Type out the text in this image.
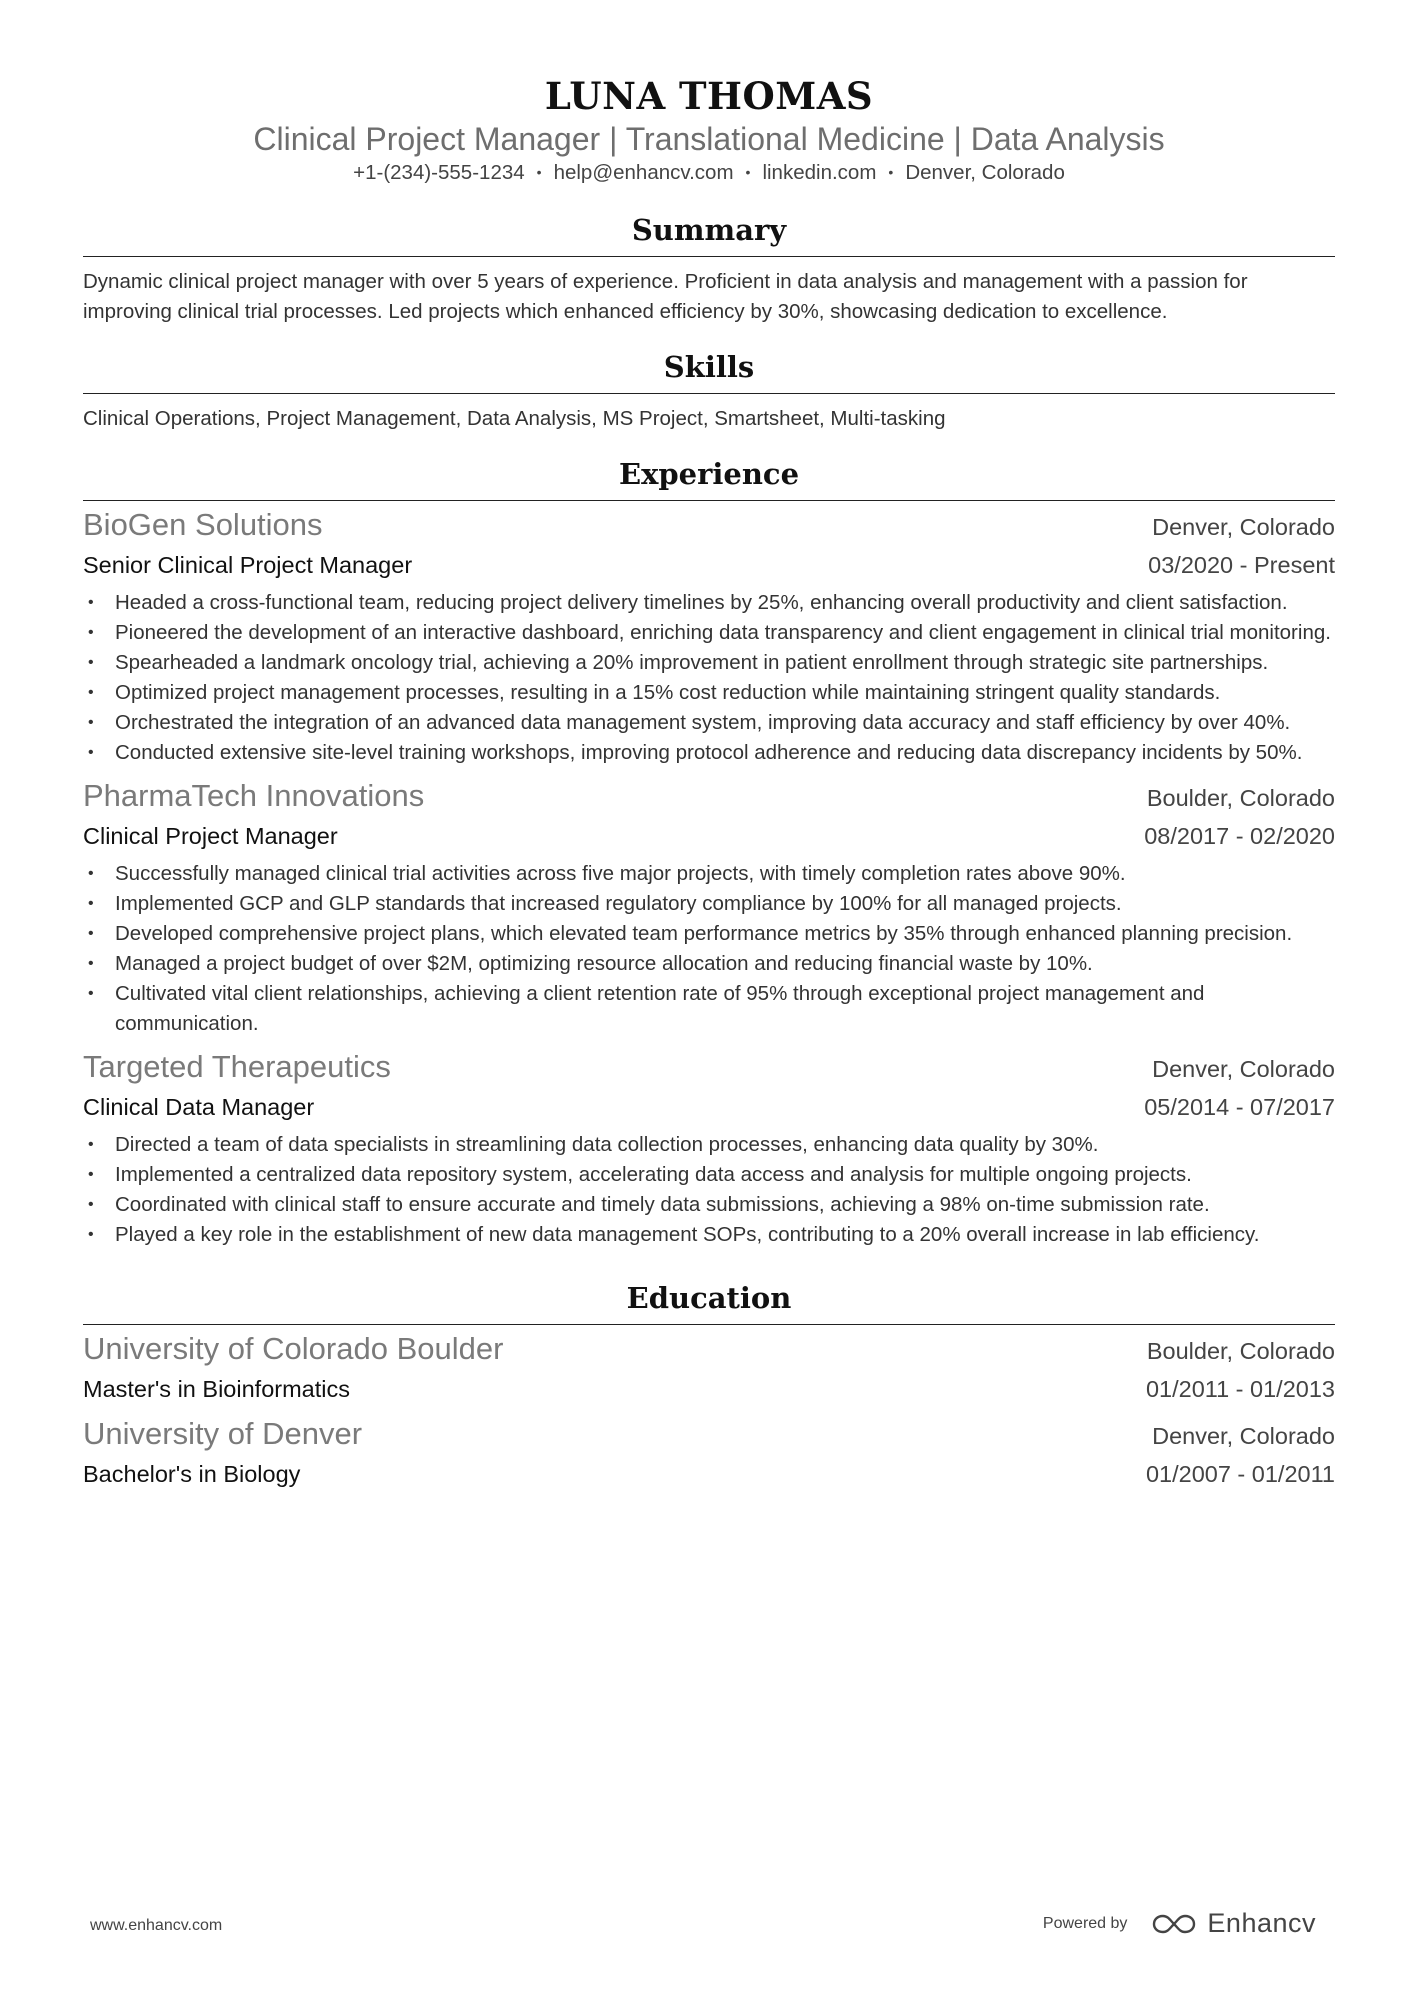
LUNA THOMAS
Clinical Project Manager | Translational Medicine | Data Analysis
+1-(234)-555-1234 • help@enhancv.com • linkedin.com • Denver, Colorado
Summary
Dynamic clinical project manager with over 5 years of experience. Proficient in data analysis and management with a passion for improving clinical trial processes. Led projects which enhanced efficiency by 30%, showcasing dedication to excellence.
Skills
Clinical Operations, Project Management, Data Analysis, MS Project, Smartsheet, Multi-tasking
Experience
BioGen Solutions	Denver, Colorado
Senior Clinical Project Manager	03/2020 - Present
• Headed a cross-functional team, reducing project delivery timelines by 25%, enhancing overall productivity and client satisfaction.
• Pioneered the development of an interactive dashboard, enriching data transparency and client engagement in clinical trial monitoring.
• Spearheaded a landmark oncology trial, achieving a 20% improvement in patient enrollment through strategic site partnerships.
• Optimized project management processes, resulting in a 15% cost reduction while maintaining stringent quality standards.
• Orchestrated the integration of an advanced data management system, improving data accuracy and staff efficiency by over 40%.
• Conducted extensive site-level training workshops, improving protocol adherence and reducing data discrepancy incidents by 50%.
PharmaTech Innovations	Boulder, Colorado
Clinical Project Manager	08/2017 - 02/2020
• Successfully managed clinical trial activities across five major projects, with timely completion rates above 90%.
• Implemented GCP and GLP standards that increased regulatory compliance by 100% for all managed projects.
• Developed comprehensive project plans, which elevated team performance metrics by 35% through enhanced planning precision.
• Managed a project budget of over $2M, optimizing resource allocation and reducing financial waste by 10%.
• Cultivated vital client relationships, achieving a client retention rate of 95% through exceptional project management and communication.
Targeted Therapeutics	Denver, Colorado
Clinical Data Manager	05/2014 - 07/2017
• Directed a team of data specialists in streamlining data collection processes, enhancing data quality by 30%.
• Implemented a centralized data repository system, accelerating data access and analysis for multiple ongoing projects.
• Coordinated with clinical staff to ensure accurate and timely data submissions, achieving a 98% on-time submission rate.
• Played a key role in the establishment of new data management SOPs, contributing to a 20% overall increase in lab efficiency.
Education
University of Colorado Boulder	Boulder, Colorado
Master's in Bioinformatics	01/2011 - 01/2013
University of Denver	Denver, Colorado
Bachelor's in Biology	01/2007 - 01/2011
www.enhancv.com	Powered by	Enhancv
